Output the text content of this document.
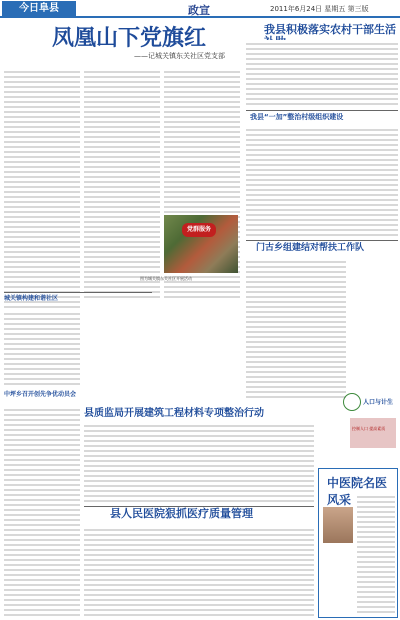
今日阜县	政宣	2011年6月24日 星期五 第三版
凤凰山下党旗红
——记城关镇东关社区党支部
党群服务
图为城关镇东关社区开展活动
我县积极落实农村干部生活
我县“一加”整治村级组织建设
门古乡组建结对帮扶工作队
人口与计生
控制人口 提高素质
城关镇构建和谐社区
中坪乡召开创先争优动员会
县质监局开展建筑工程材料专项整治行动
县人民医院狠抓医疗质量管理
中医院名医风采
